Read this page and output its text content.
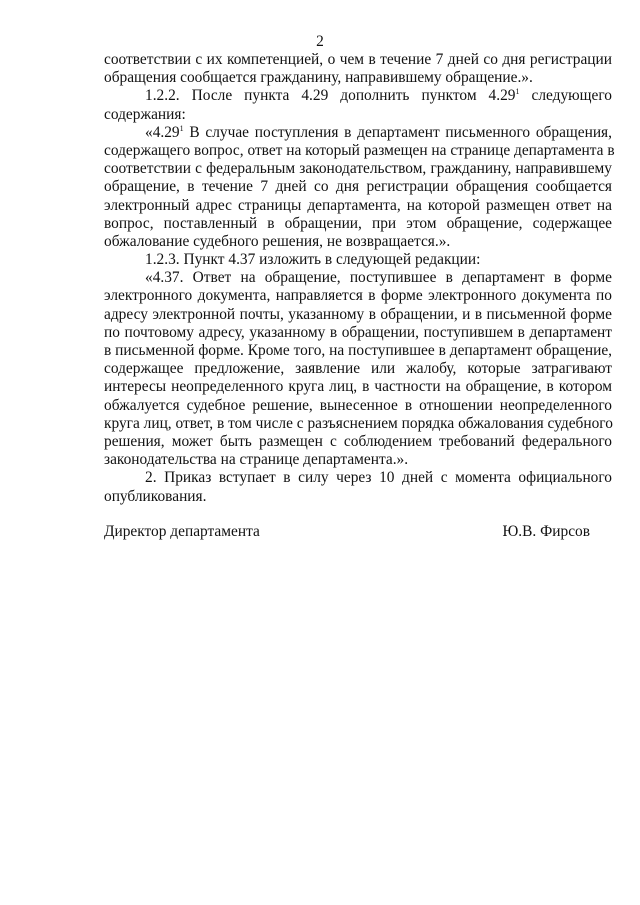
2
соответствии с их компетенцией, о чем в течение 7 дней со дня регистрации
обращения сообщается гражданину, направившему обращение.».
1.2.2. После пункта 4.29 дополнить пунктом 4.29$^1$ следующего
содержания:
«4.29$^1$ В случае поступления в департамент письменного обращения,
содержащего вопрос, ответ на который размещен на странице департамента в
соответствии с федеральным законодательством, гражданину, направившему
обращение, в течение 7 дней со дня регистрации обращения сообщается
электронный адрес страницы департамента, на которой размещен ответ на
вопрос, поставленный в обращении, при этом обращение, содержащее
обжалование судебного решения, не возвращается.».
1.2.3. Пункт 4.37 изложить в следующей редакции:
«4.37. Ответ на обращение, поступившее в департамент в форме
электронного документа, направляется в форме электронного документа по
адресу электронной почты, указанному в обращении, и в письменной форме
по почтовому адресу, указанному в обращении, поступившем в департамент
в письменной форме. Кроме того, на поступившее в департамент обращение,
содержащее предложение, заявление или жалобу, которые затрагивают
интересы неопределенного круга лиц, в частности на обращение, в котором
обжалуется судебное решение, вынесенное в отношении неопределенного
круга лиц, ответ, в том числе с разъяснением порядка обжалования судебного
решения, может быть размещен с соблюдением требований федерального
законодательства на странице департамента.».
2. Приказ вступает в силу через 10 дней с момента официального
опубликования.
Директор департамента	Ю.В. Фирсов
